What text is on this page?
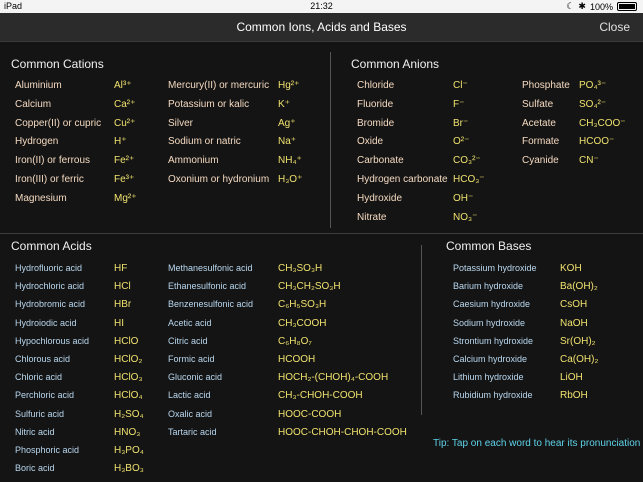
iPad	21:32	☾ ✱ 100%
Common Ions, Acids and Bases	Close
Common Cations
Aluminium	Al³⁺
Calcium	Ca²⁺
Copper(II) or cupric Cu²⁺
Hydrogen	H⁺
Iron(II) or ferrous Fe²⁺
Iron(III) or ferric	Fe³⁺
Magnesium	Mg²⁺
Mercury(II) or mercuric Hg²⁺
Potassium or kalic	K⁺
Silver	Ag⁺
Sodium or natric	Na⁺
Ammonium	NH₄⁺
Oxonium or hydronium H₃O⁺
Common Anions
Chloride	Cl⁻
Fluoride	F⁻
Bromide	Br⁻
Oxide	O²⁻
Carbonate	CO₃²⁻
Hydrogen carbonate HCO₃⁻
Hydroxide	OH⁻
Nitrate	NO₃⁻
Phosphate PO₄³⁻
Sulfate	SO₄²⁻
Acetate CH₃COO⁻
Formate HCOO⁻
Cyanide CN⁻
Common Acids
Hydrofluoric acid	HF
Hydrochloric acid	HCl
Hydrobromic acid	HBr
Hydroiodic acid	HI
Hypochlorous acid HClO
Chlorous acid	HClO₂
Chloric acid	HClO₃
Perchloric acid	HClO₄
Sulfuric acid	H₂SO₄
Nitric acid	HNO₃
Phosphoric acid	H₃PO₄
Boric acid	H₃BO₃
Methanesulfonic acid	CH₃SO₃H
Ethanesulfonic acid	CH₃CH₂SO₃H
Benzenesulfonic acid C₆H₅SO₃H
Acetic acid	CH₃COOH
Citric acid	C₆H₈O₇
Formic acid	HCOOH
Gluconic acid	HOCH₂-(CHOH)₄-COOH
Lactic acid	CH₃-CHOH-COOH
Oxalic acid	HOOC-COOH
Tartaric acid	HOOC-CHOH-CHOH-COOH
Common Bases
Potassium hydroxide KOH
Barium hydroxide	Ba(OH)₂
Caesium hydroxide	CsOH
Sodium hydroxide	NaOH
Strontium hydroxide	Sr(OH)₂
Calcium hydroxide	Ca(OH)₂
Lithium hydroxide	LiOH
Rubidium hydroxide	RbOH
Tip: Tap on each word to hear its pronunciation
